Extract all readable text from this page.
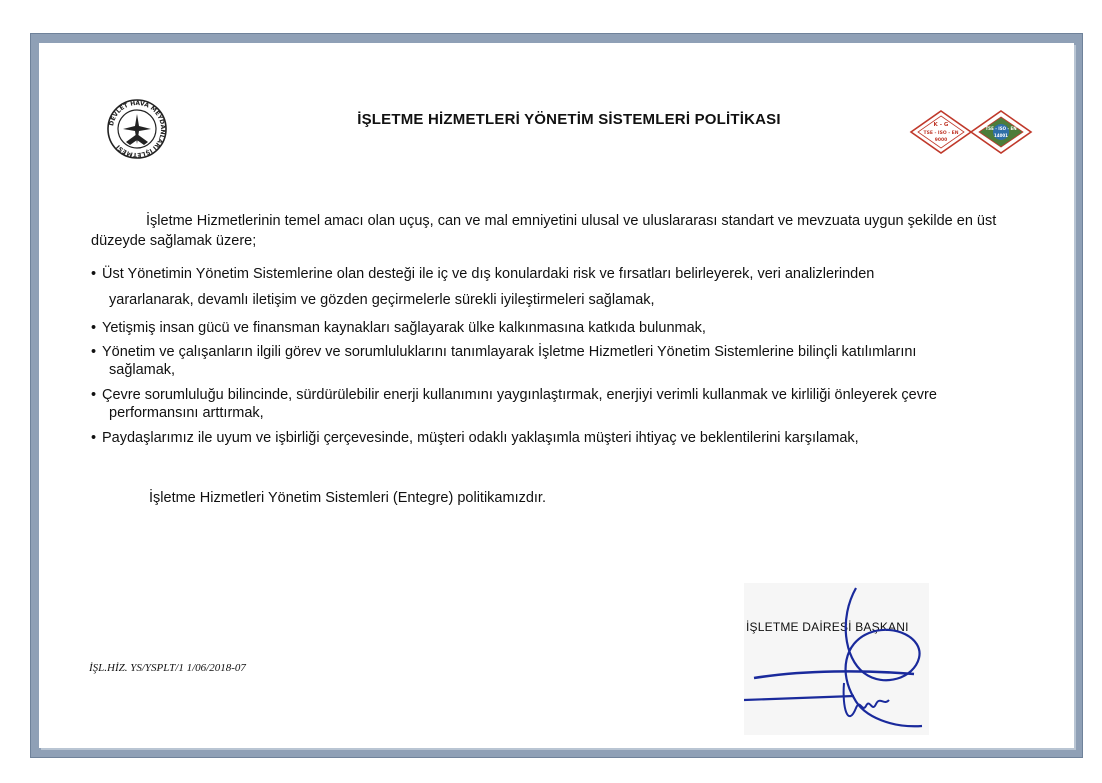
DEVLET HAVA MEYDANLARI İŞLETMESİ
İŞLETME HİZMETLERİ YÖNETİM SİSTEMLERİ POLİTİKASI	K - G
TSE - ISO - EN
9000
TSE - ISO - EN
14001
İşletme Hizmetlerinin temel amacı olan uçuş, can ve mal emniyetini ulusal ve uluslararası standart ve mevzuata uygun şekilde en üst düzeyde sağlamak üzere;
• Üst Yönetimin Yönetim Sistemlerine olan desteği ile iç ve dış konulardaki risk ve fırsatları belirleyerek, veri analizlerinden
yararlanarak, devamlı iletişim ve gözden geçirmelerle sürekli iyileştirmeleri sağlamak,
• Yetişmiş insan gücü ve finansman kaynakları sağlayarak ülke kalkınmasına katkıda bulunmak,
• Yönetim ve çalışanların ilgili görev ve sorumluluklarını tanımlayarak İşletme Hizmetleri Yönetim Sistemlerine bilinçli katılımlarını
sağlamak,
• Çevre sorumluluğu bilincinde, sürdürülebilir enerji kullanımını yaygınlaştırmak, enerjiyi verimli kullanmak ve kirliliği önleyerek çevre
performansını arttırmak,
• Paydaşlarımız ile uyum ve işbirliği çerçevesinde, müşteri odaklı yaklaşımla müşteri ihtiyaç ve beklentilerini karşılamak,
İşletme Hizmetleri Yönetim Sistemleri (Entegre) politikamızdır.
İŞLETME DAİRESİ BAŞKANI
İŞL.HİZ. YS/YSPLT/1 1/06/2018-07
